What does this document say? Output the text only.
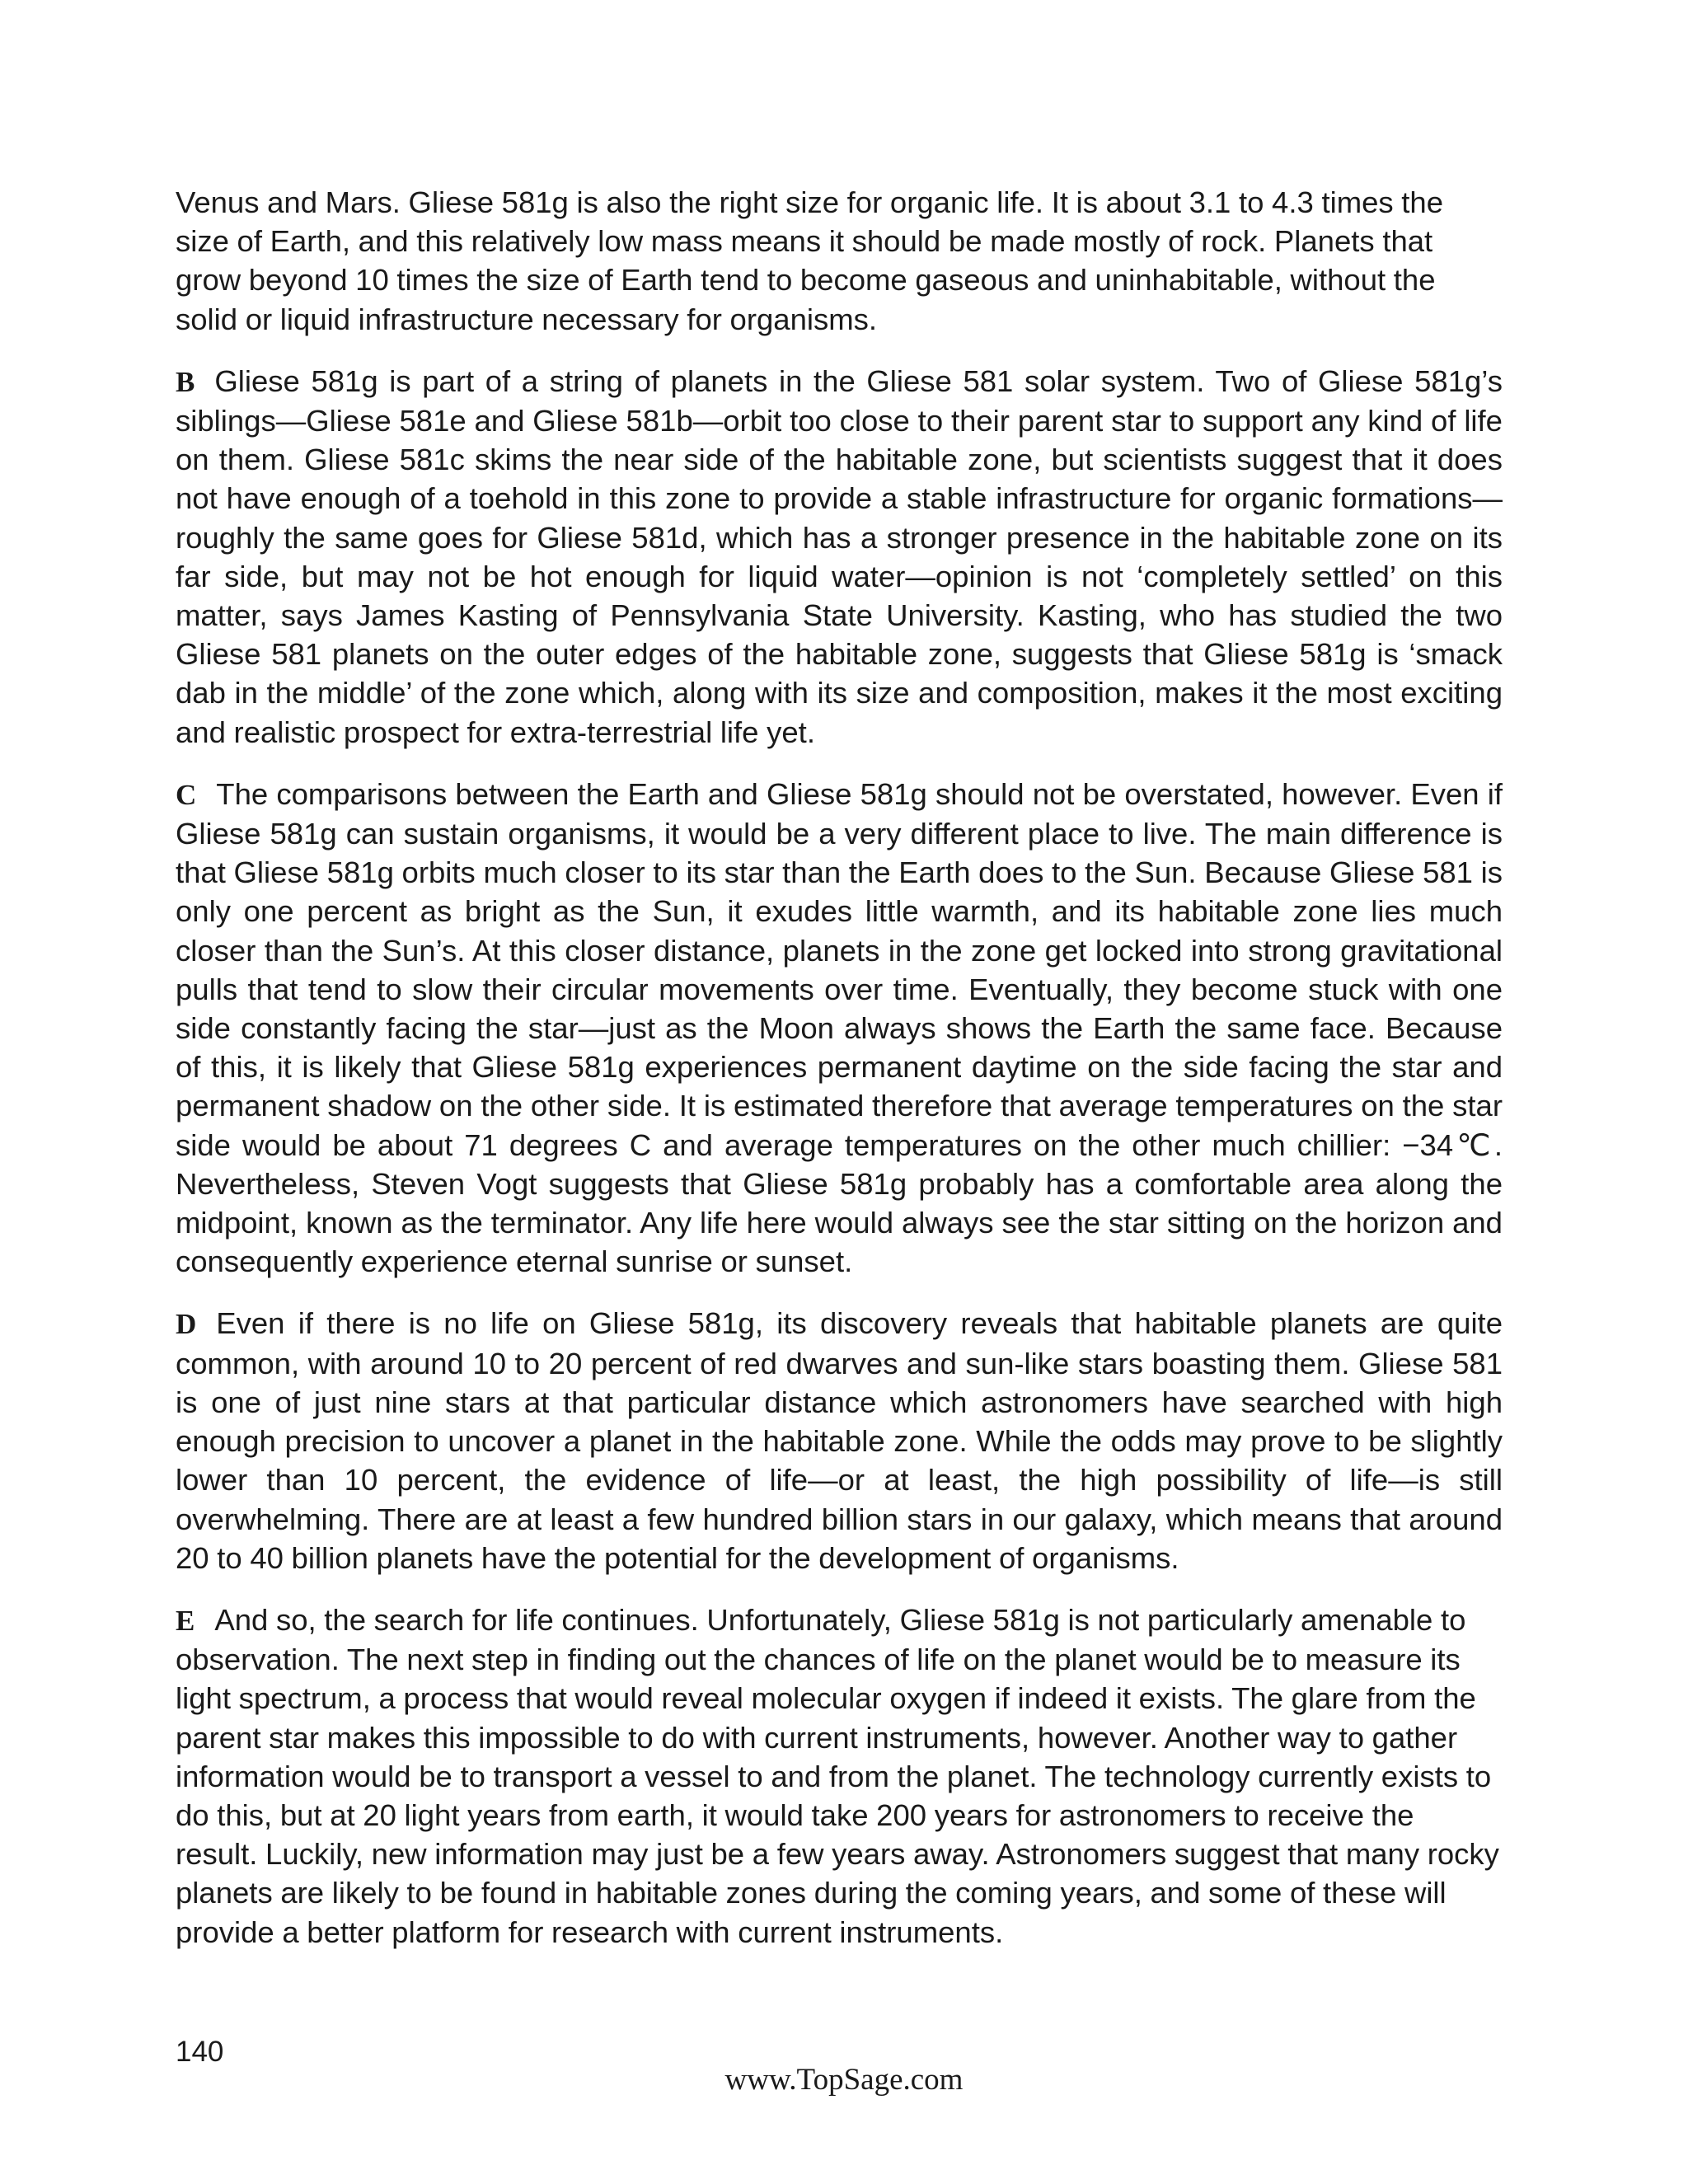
Venus and Mars. Gliese 581g is also the right size for organic life. It is about 3.1 to 4.3 times the size of Earth, and this relatively low mass means it should be made mostly of rock. Planets that grow beyond 10 times the size of Earth tend to become gaseous and uninhabitable, without the solid or liquid infrastructure necessary for organisms.

B Gliese 581g is part of a string of planets in the Gliese 581 solar system. Two of Gliese 581g’s siblings—Gliese 581e and Gliese 581b—orbit too close to their parent star to support any kind of life on them. Gliese 581c skims the near side of the habitable zone, but scientists suggest that it does not have enough of a toehold in this zone to provide a stable infrastructure for organic formations—roughly the same goes for Gliese 581d, which has a stronger presence in the habitable zone on its far side, but may not be hot enough for liquid water—opinion is not ‘completely settled’ on this matter, says James Kasting of Pennsylvania State University. Kasting, who has studied the two Gliese 581 planets on the outer edges of the habitable zone, suggests that Gliese 581g is ‘smack dab in the middle’ of the zone which, along with its size and composition, makes it the most exciting and realistic prospect for extra-terrestrial life yet.

C The comparisons between the Earth and Gliese 581g should not be overstated, however. Even if Gliese 581g can sustain organisms, it would be a very different place to live. The main difference is that Gliese 581g orbits much closer to its star than the Earth does to the Sun. Because Gliese 581 is only one percent as bright as the Sun, it exudes little warmth, and its habitable zone lies much closer than the Sun’s. At this closer distance, planets in the zone get locked into strong gravitational pulls that tend to slow their circular movements over time. Eventually, they become stuck with one side constantly facing the star—just as the Moon always shows the Earth the same face. Because of this, it is likely that Gliese 581g experiences permanent daytime on the side facing the star and permanent shadow on the other side. It is estimated therefore that average temperatures on the star side would be about 71 degrees C and average temperatures on the other much chillier: −34℃. Nevertheless, Steven Vogt suggests that Gliese 581g probably has a comfortable area along the midpoint, known as the terminator. Any life here would always see the star sitting on the horizon and consequently experience eternal sunrise or sunset.

D Even if there is no life on Gliese 581g, its discovery reveals that habitable planets are quite common, with around 10 to 20 percent of red dwarves and sun-like stars boasting them. Gliese 581 is one of just nine stars at that particular distance which astronomers have searched with high enough precision to uncover a planet in the habitable zone. While the odds may prove to be slightly lower than 10 percent, the evidence of life—or at least, the high possibility of life—is still overwhelming. There are at least a few hundred billion stars in our galaxy, which means that around 20 to 40 billion planets have the potential for the development of organisms.

E And so, the search for life continues. Unfortunately, Gliese 581g is not particularly amenable to observation. The next step in finding out the chances of life on the planet would be to measure its light spectrum, a process that would reveal molecular oxygen if indeed it exists. The glare from the parent star makes this impossible to do with current instruments, however. Another way to gather information would be to transport a vessel to and from the planet. The technology currently exists to do this, but at 20 light years from earth, it would take 200 years for astronomers to receive the result. Luckily, new information may just be a few years away. Astronomers suggest that many rocky planets are likely to be found in habitable zones during the coming years, and some of these will provide a better platform for research with current instruments.

140
www.TopSage.com
